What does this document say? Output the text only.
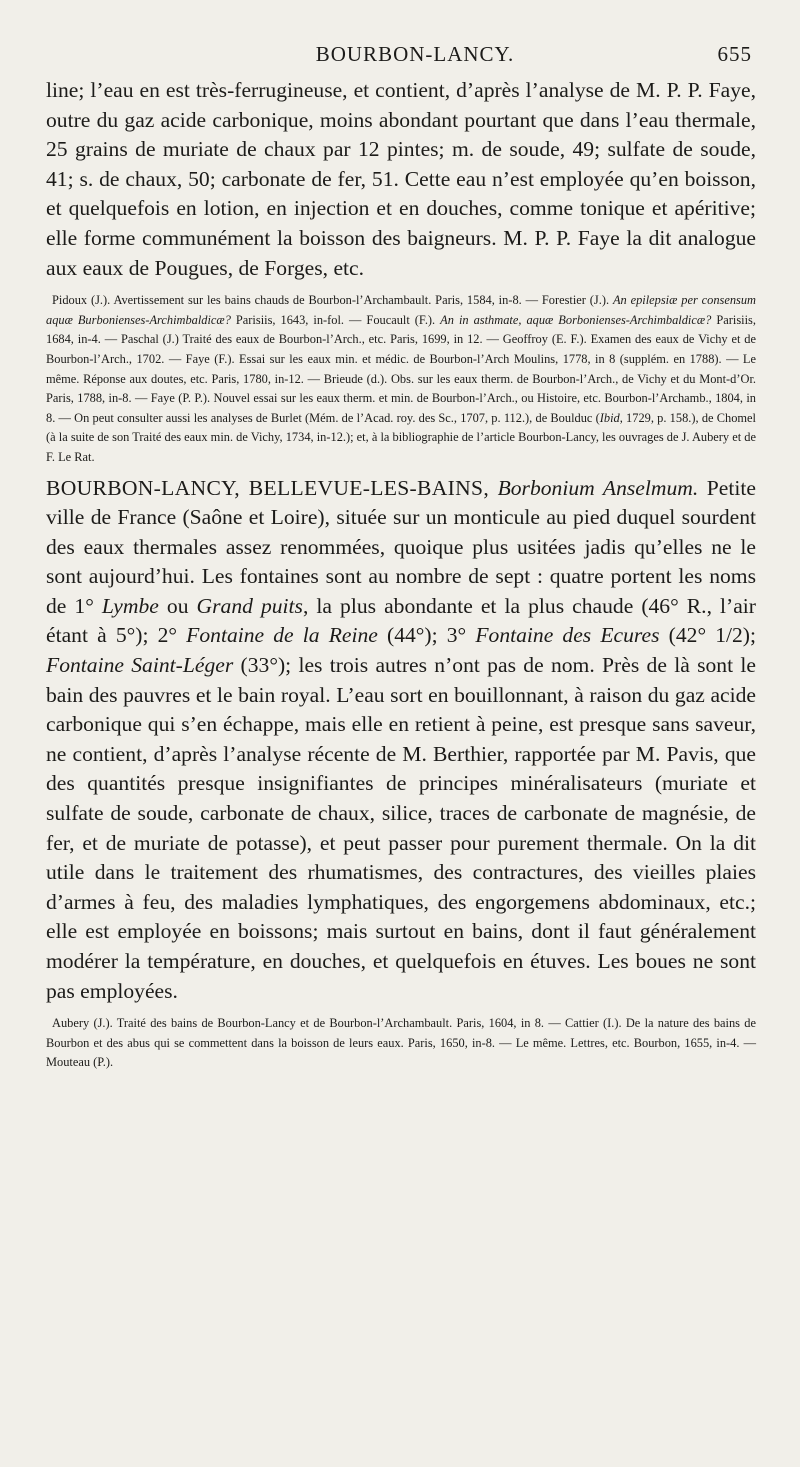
BOURBON-LANCY.	655

line; l’eau en est très-ferrugineuse, et contient, d’après l’analyse de M. P. P. Faye, outre du gaz acide carbonique, moins abondant pourtant que dans l’eau thermale, 25 grains de muriate de chaux par 12 pintes; m. de soude, 49; sulfate de soude, 41; s. de chaux, 50; carbonate de fer, 51. Cette eau n’est employée qu’en boisson, et quelquefois en lotion, en injection et en douches, comme tonique et apéritive; elle forme communément la boisson des baigneurs. M. P. P. Faye la dit analogue aux eaux de Pougues, de Forges, etc.

Pidoux (J.). Avertissement sur les bains chauds de Bourbon-l’Archambault. Paris, 1584, in-8. — Forestier (J.). An epilepsiæ per consensum aquæ Burbonienses-Archimbaldicæ? Parisiis, 1643, in-fol. — Foucault (F.). An in asthmate, aquæ Borbonienses-Archimbaldicæ? Parisiis, 1684, in-4. — Paschal (J.) Traité des eaux de Bourbon-l’Arch., etc. Paris, 1699, in 12. — Geoffroy (E. F.). Examen des eaux de Vichy et de Bourbon-l’Arch., 1702. — Faye (F.). Essai sur les eaux min. et médic. de Bourbon-l’Arch Moulins, 1778, in 8 (supplém. en 1788). — Le même. Réponse aux doutes, etc. Paris, 1780, in-12. — Brieude (d.). Obs. sur les eaux therm. de Bourbon-l’Arch., de Vichy et du Mont-d’Or. Paris, 1788, in-8. — Faye (P. P.). Nouvel essai sur les eaux therm. et min. de Bourbon-l’Arch., ou Histoire, etc. Bourbon-l’Archamb., 1804, in 8. — On peut consulter aussi les analyses de Burlet (Mém. de l’Acad. roy. des Sc., 1707, p. 112.), de Boulduc (Ibid, 1729, p. 158.), de Chomel (à la suite de son Traité des eaux min. de Vichy, 1734, in-12.); et, à la bibliographie de l’article Bourbon-Lancy, les ouvrages de J. Aubery et de F. Le Rat.

BOURBON-LANCY, BELLEVUE-LES-BAINS, Borbonium Anselmum. Petite ville de France (Saône et Loire), située sur un monticule au pied duquel sourdent des eaux thermales assez renommées, quoique plus usitées jadis qu’elles ne le sont aujourd’hui. Les fontaines sont au nombre de sept : quatre portent les noms de 1° Lymbe ou Grand puits, la plus abondante et la plus chaude (46° R., l’air étant à 5°); 2° Fontaine de la Reine (44°); 3° Fontaine des Ecures (42° 1/2); Fontaine Saint-Léger (33°); les trois autres n’ont pas de nom. Près de là sont le bain des pauvres et le bain royal. L’eau sort en bouillonnant, à raison du gaz acide carbonique qui s’en échappe, mais elle en retient à peine, est presque sans saveur, ne contient, d’après l’analyse récente de M. Berthier, rapportée par M. Pavis, que des quantités presque insignifiantes de principes minéralisateurs (muriate et sulfate de soude, carbonate de chaux, silice, traces de carbonate de magnésie, de fer, et de muriate de potasse), et peut passer pour purement thermale. On la dit utile dans le traitement des rhumatismes, des contractures, des vieilles plaies d’armes à feu, des maladies lymphatiques, des engorgemens abdominaux, etc.; elle est employée en boissons; mais surtout en bains, dont il faut généralement modérer la température, en douches, et quelquefois en étuves. Les boues ne sont pas employées.

Aubery (J.). Traité des bains de Bourbon-Lancy et de Bourbon-l’Archambault. Paris, 1604, in 8. — Cattier (I.). De la nature des bains de Bourbon et des abus qui se commettent dans la boisson de leurs eaux. Paris, 1650, in-8. — Le même. Lettres, etc. Bourbon, 1655, in-4. — Mouteau (P.).
